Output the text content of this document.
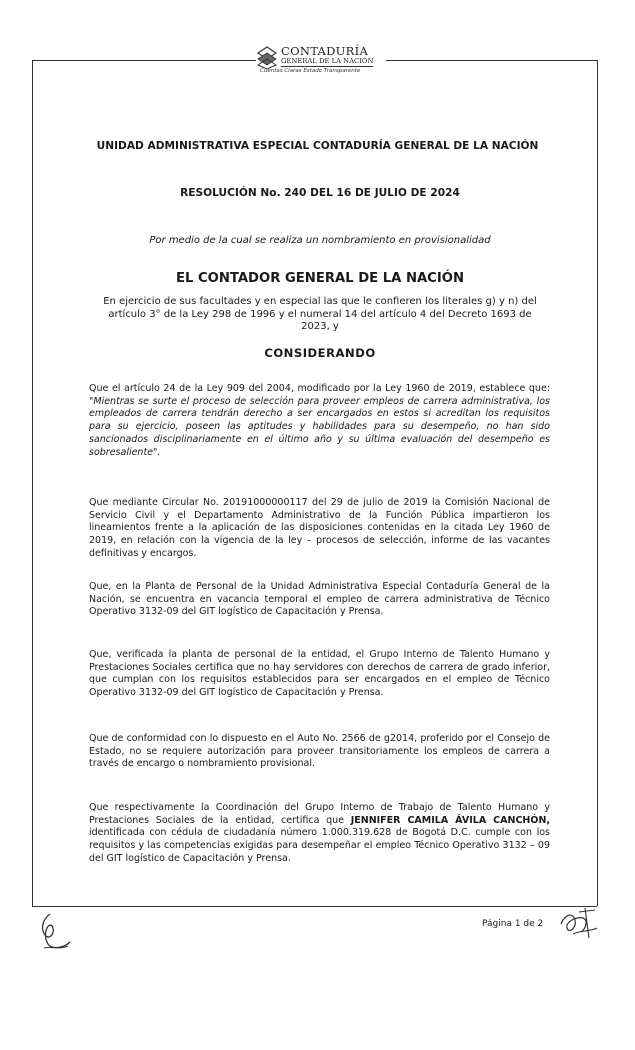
CONTADURÍA
GENERAL DE LA NACIÓN
Cuentas Claras Estado Transparente
UNIDAD ADMINISTRATIVA ESPECIAL CONTADURÍA GENERAL DE LA NACIÓN
RESOLUCIÓN No. 240 DEL 16 DE JULIO DE 2024
Por medio de la cual se realiza un nombramiento en provisionalidad
EL CONTADOR GENERAL DE LA NACIÓN
En ejercicio de sus facultades y en especial las que le confieren los literales g) y n) del artículo 3° de la Ley 298 de 1996 y el numeral 14 del artículo 4 del Decreto 1693 de 2023, y
CONSIDERANDO
Que el artículo 24 de la Ley 909 del 2004, modificado por la Ley 1960 de 2019, establece que: "Mientras se surte el proceso de selección para proveer empleos de carrera administrativa, los empleados de carrera tendrán derecho a ser encargados en estos si acreditan los requisitos para su ejercicio, poseen las aptitudes y habilidades para su desempeño, no han sido sancionados disciplinariamente en el último año y su última evaluación del desempeño es sobresaliente".
Que mediante Circular No. 20191000000117 del 29 de julio de 2019 la Comisión Nacional de Servicio Civil y el Departamento Administrativo de la Función Pública impartieron los lineamientos frente a la aplicación de las disposiciones contenidas en la citada Ley 1960 de 2019, en relación con la vigencia de la ley – procesos de selección, informe de las vacantes definitivas y encargos.
Que, en la Planta de Personal de la Unidad Administrativa Especial Contaduría General de la Nación, se encuentra en vacancia temporal el empleo de carrera administrativa de Técnico Operativo 3132-09 del GIT logístico de Capacitación y Prensa.
Que, verificada la planta de personal de la entidad, el Grupo Interno de Talento Humano y Prestaciones Sociales certifica que no hay servidores con derechos de carrera de grado inferior, que cumplan con los requisitos establecidos para ser encargados en el empleo de Técnico Operativo 3132-09 del GIT logístico de Capacitación y Prensa.
Que de conformidad con lo dispuesto en el Auto No. 2566 de g2014, proferido por el Consejo de Estado, no se requiere autorización para proveer transitoriamente los empleos de carrera a través de encargo o nombramiento provisional.
Que respectivamente la Coordinación del Grupo Interno de Trabajo de Talento Humano y Prestaciones Sociales de la entidad, certifica que JENNIFER CAMILA ÁVILA CANCHÓN, identificada con cédula de ciudadanía número 1.000.319.628 de Bogotá D.C. cumple con los requisitos y las competencias exigidas para desempeñar el empleo Técnico Operativo 3132 – 09 del GIT logístico de Capacitación y Prensa.
Página 1 de 2
